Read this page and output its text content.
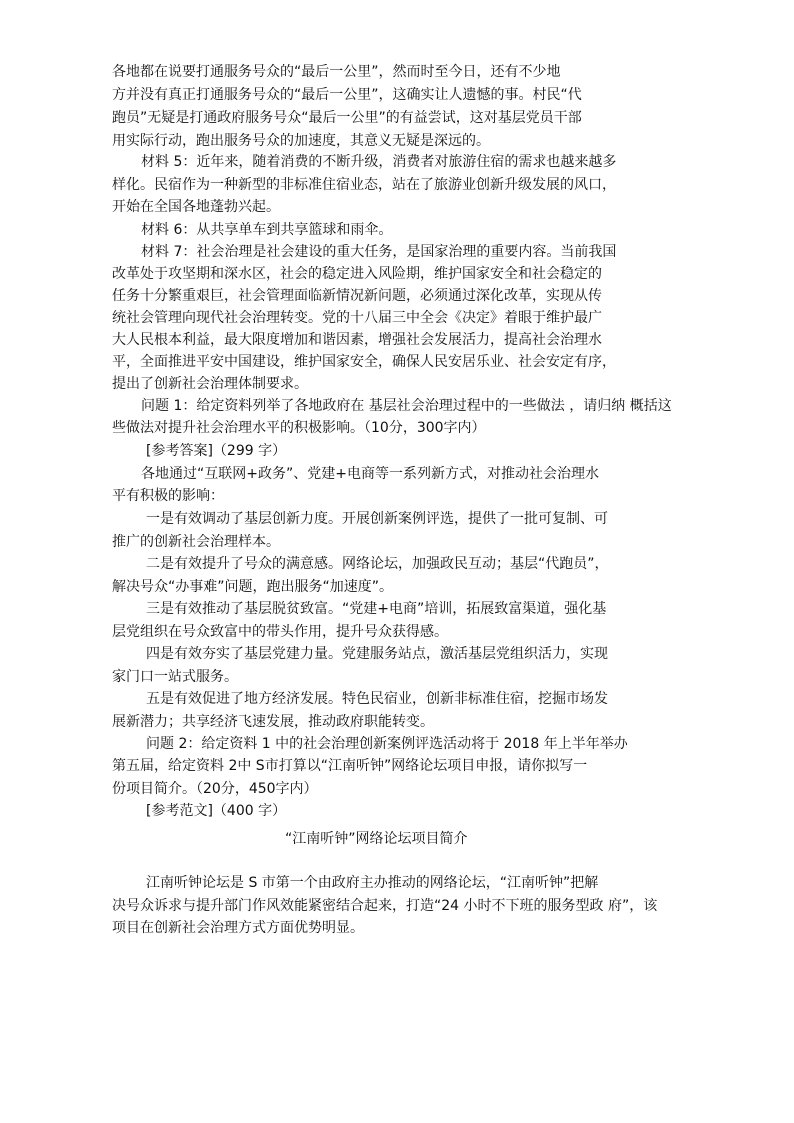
各地都在说要打通服务号众的“最后一公里”，然而时至今日，还有不少地
方并没有真正打通服务号众的“最后一公里”，这确实让人遗憾的事。村民“代
跑员”无疑是打通政府服务号众“最后一公里”的有益尝试，这对基层党员干部
用实际行动，跑出服务号众的加速度，其意义无疑是深远的。
材料 5：近年来，随着消费的不断升级，消费者对旅游住宿的需求也越来越多
样化。民宿作为一种新型的非标准住宿业态，站在了旅游业创新升级发展的风口，
开始在全国各地蓬勃兴起。
材料 6：从共享单车到共享篮球和雨伞。
材料 7：社会治理是社会建设的重大任务，是国家治理的重要内容。当前我国
改革处于攻坚期和深水区，社会的稳定进入风险期，维护国家安全和社会稳定的
任务十分繁重艰巨，社会管理面临新情况新问题，必须通过深化改革，实现从传
统社会管理向现代社会治理转变。党的十八届三中全会《决定》着眼于维护最广
大人民根本利益，最大限度增加和谐因素，增强社会发展活力，提高社会治理水
平，全面推进平安中国建设，维护国家安全，确保人民安居乐业、社会安定有序，
提出了创新社会治理体制要求。
问题 1：给定资料列举了各地政府在 基层社会治理过程中的一些做法 ，请归纳 概括这
些做法对提升社会治理水平的积极影响。（10分，300字内）
[参考答案]（299 字）
各地通过“互联网+政务”、党建+电商等一系列新方式，对推动社会治理水
平有积极的影响：
一是有效调动了基层创新力度。开展创新案例评选，提供了一批可复制、可
推广的创新社会治理样本。
二是有效提升了号众的满意感。网络论坛，加强政民互动；基层“代跑员”，
解决号众“办事难”问题，跑出服务“加速度”。
三是有效推动了基层脱贫致富。“党建+电商”培训，拓展致富渠道，强化基
层党组织在号众致富中的带头作用，提升号众获得感。
四是有效夯实了基层党建力量。党建服务站点，激活基层党组织活力，实现
家门口一站式服务。
五是有效促进了地方经济发展。特色民宿业，创新非标准住宿，挖掘市场发
展新潜力；共享经济飞速发展，推动政府职能转变。
问题 2：给定资料 1 中的社会治理创新案例评选活动将于 2018 年上半年举办
第五届，给定资料 2中 S市打算以“江南听钟”网络论坛项目申报，请你拟写一
份项目简介。（20分，450字内）
[参考范文]（400 字）
“江南听钟”网络论坛项目简介
江南听钟论坛是 S 市第一个由政府主办推动的网络论坛，“江南听钟”把解
决号众诉求与提升部门作风效能紧密结合起来，打造“24 小时不下班的服务型政 府”，该
项目在创新社会治理方式方面优势明显。
